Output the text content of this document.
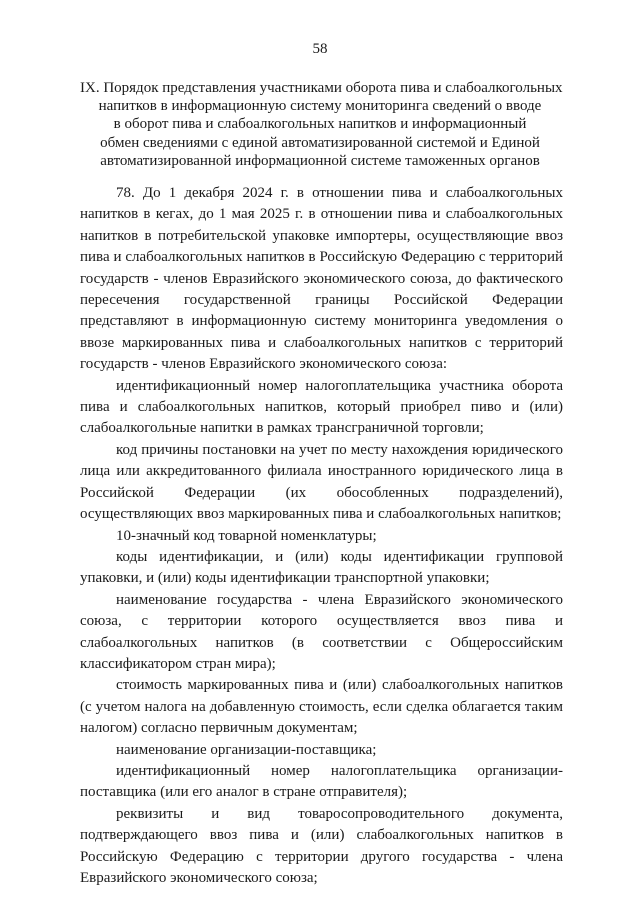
58
IX. Порядок представления участниками оборота пива и слабоалкогольных
напитков в информационную систему мониторинга сведений о вводе
в оборот пива и слабоалкогольных напитков и информационный
обмен сведениями с единой автоматизированной системой и Единой
автоматизированной информационной системе таможенных органов

78. До 1 декабря 2024 г. в отношении пива и слабоалкогольных напитков в кегах, до 1 мая 2025 г. в отношении пива и слабоалкогольных напитков в потребительской упаковке импортеры, осуществляющие ввоз пива и слабоалкогольных напитков в Российскую Федерацию с территорий государств - членов Евразийского экономического союза, до фактического пересечения государственной границы Российской Федерации представляют в информационную систему мониторинга уведомления о ввозе маркированных пива и слабоалкогольных напитков с территорий государств - членов Евразийского экономического союза:

идентификационный номер налогоплательщика участника оборота пива и слабоалкогольных напитков, который приобрел пиво и (или) слабоалкогольные напитки в рамках трансграничной торговли;

код причины постановки на учет по месту нахождения юридического лица или аккредитованного филиала иностранного юридического лица в Российской Федерации (их обособленных подразделений), осуществляющих ввоз маркированных пива и слабоалкогольных напитков;

10-значный код товарной номенклатуры;

коды идентификации, и (или) коды идентификации групповой упаковки, и (или) коды идентификации транспортной упаковки;

наименование государства - члена Евразийского экономического союза, с территории которого осуществляется ввоз пива и слабоалкогольных напитков (в соответствии с Общероссийским классификатором стран мира);

стоимость маркированных пива и (или) слабоалкогольных напитков (с учетом налога на добавленную стоимость, если сделка облагается таким налогом) согласно первичным документам;

наименование организации-поставщика;

идентификационный номер налогоплательщика организации-поставщика (или его аналог в стране отправителя);

реквизиты и вид товаросопроводительного документа, подтверждающего ввоз пива и (или) слабоалкогольных напитков в Российскую Федерацию с территории другого государства - члена Евразийского экономического союза;
